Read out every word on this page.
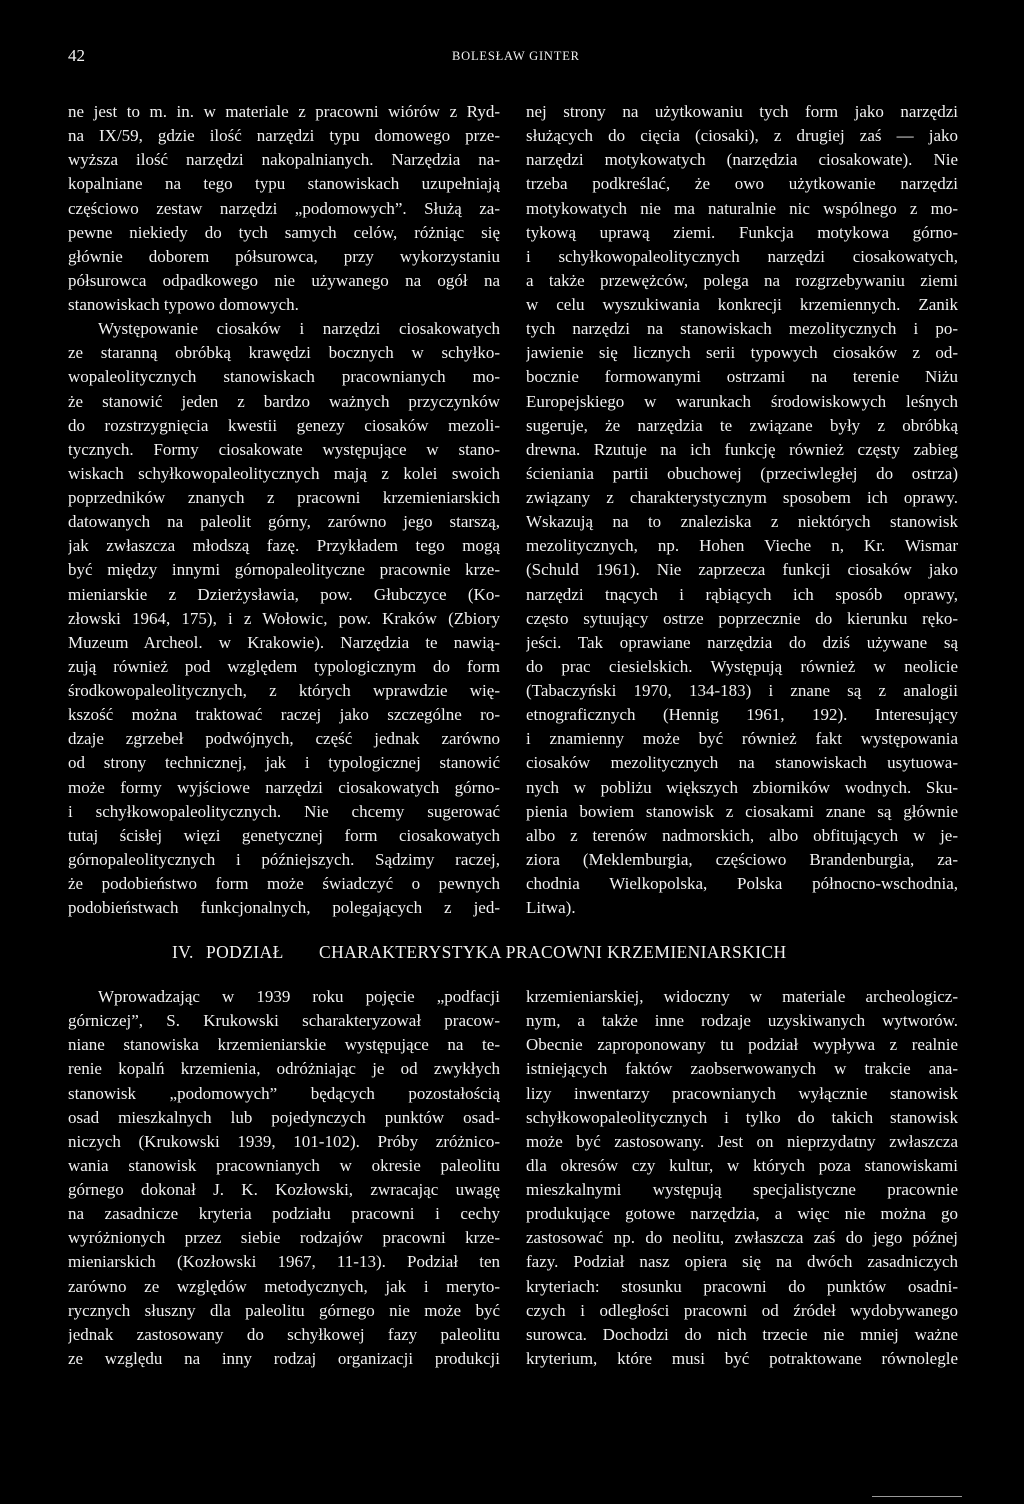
42	BOLESŁAW GINTER
ne jest to m. in. w materiale z pracowni wiórów z Ryd-
na IX/59, gdzie ilość narzędzi typu domowego prze-
wyższa ilość narzędzi nakopalnianych. Narzędzia na-
kopalniane na tego typu stanowiskach uzupełniają
częściowo zestaw narzędzi „podomowych”. Służą za-
pewne niekiedy do tych samych celów, różniąc się
głównie doborem półsurowca, przy wykorzystaniu
półsurowca odpadkowego nie używanego na ogół na
stanowiskach typowo domowych.
Występowanie ciosaków i narzędzi ciosakowatych
ze staranną obróbką krawędzi bocznych w schyłko-
wopaleolitycznych stanowiskach pracownianych mo-
że stanowić jeden z bardzo ważnych przyczynków
do rozstrzygnięcia kwestii genezy ciosaków mezoli-
tycznych. Formy ciosakowate występujące w stano-
wiskach schyłkowopaleolitycznych mają z kolei swoich
poprzedników znanych z pracowni krzemieniarskich
datowanych na paleolit górny, zarówno jego starszą,
jak zwłaszcza młodszą fazę. Przykładem tego mogą
być między innymi górnopaleolityczne pracownie krze-
mieniarskie z Dzierżysławia, pow. Głubczyce (Ko-
złowski 1964, 175), i z Wołowic, pow. Kraków (Zbiory
Muzeum Archeol. w Krakowie). Narzędzia te nawią-
zują również pod względem typologicznym do form
środkowopaleolitycznych, z których wprawdzie wię-
kszość można traktować raczej jako szczególne ro-
dzaje zgrzebeł podwójnych, część jednak zarówno
od strony technicznej, jak i typologicznej stanowić
może formy wyjściowe narzędzi ciosakowatych górno-
i schyłkowopaleolitycznych. Nie chcemy sugerować
tutaj ścisłej więzi genetycznej form ciosakowatych
górnopaleolitycznych i późniejszych. Sądzimy raczej,
że podobieństwo form może świadczyć o pewnych
podobieństwach funkcjonalnych, polegających z jed-
nej strony na użytkowaniu tych form jako narzędzi
służących do cięcia (ciosaki), z drugiej zaś — jako
narzędzi motykowatych (narzędzia ciosakowate). Nie
trzeba podkreślać, że owo użytkowanie narzędzi
motykowatych nie ma naturalnie nic wspólnego z mo-
tykową uprawą ziemi. Funkcja motykowa górno-
i schyłkowopaleolitycznych narzędzi ciosakowatych,
a także przewężców, polega na rozgrzebywaniu ziemi
w celu wyszukiwania konkrecji krzemiennych. Zanik
tych narzędzi na stanowiskach mezolitycznych i po-
jawienie się licznych serii typowych ciosaków z od-
bocznie formowanymi ostrzami na terenie Niżu
Europejskiego w warunkach środowiskowych leśnych
sugeruje, że narzędzia te związane były z obróbką
drewna. Rzutuje na ich funkcję również częsty zabieg
ścieniania partii obuchowej (przeciwległej do ostrza)
związany z charakterystycznym sposobem ich oprawy.
Wskazują na to znaleziska z niektórych stanowisk
mezolitycznych, np. Hohen Vieche n, Kr. Wismar
(Schuld 1961). Nie zaprzecza funkcji ciosaków jako
narzędzi tnących i rąbiących ich sposób oprawy,
często sytuujący ostrze poprzecznie do kierunku ręko-
jeści. Tak oprawiane narzędzia do dziś używane są
do prac ciesielskich. Występują również w neolicie
(Tabaczyński 1970, 134-183) i znane są z analogii
etnograficznych (Hennig 1961, 192). Interesujący
i znamienny może być również fakt występowania
ciosaków mezolitycznych na stanowiskach usytuowa-
nych w pobliżu większych zbiorników wodnych. Sku-
pienia bowiem stanowisk z ciosakami znane są głównie
albo z terenów nadmorskich, albo obfitujących w je-
ziora (Meklemburgia, częściowo Brandenburgia, za-
chodnia Wielkopolska, Polska północno-wschodnia,
Litwa).
IV. PODZIAŁ CHARAKTERYSTYKA PRACOWNI KRZEMIENIARSKICH
Wprowadzając w 1939 roku pojęcie „podfacji
górniczej”, S. Krukowski scharakteryzował pracow-
niane stanowiska krzemieniarskie występujące na te-
renie kopalń krzemienia, odróżniając je od zwykłych
stanowisk „podomowych” będących pozostałością
osad mieszkalnych lub pojedynczych punktów osad-
niczych (Krukowski 1939, 101-102). Próby zróżnico-
wania stanowisk pracownianych w okresie paleolitu
górnego dokonał J. K. Kozłowski, zwracając uwagę
na zasadnicze kryteria podziału pracowni i cechy
wyróżnionych przez siebie rodzajów pracowni krze-
mieniarskich (Kozłowski 1967, 11-13). Podział ten
zarówno ze względów metodycznych, jak i meryto-
rycznych słuszny dla paleolitu górnego nie może być
jednak zastosowany do schyłkowej fazy paleolitu
ze względu na inny rodzaj organizacji produkcji
krzemieniarskiej, widoczny w materiale archeologicz-
nym, a także inne rodzaje uzyskiwanych wytworów.
Obecnie zaproponowany tu podział wypływa z realnie
istniejących faktów zaobserwowanych w trakcie ana-
lizy inwentarzy pracownianych wyłącznie stanowisk
schyłkowopaleolitycznych i tylko do takich stanowisk
może być zastosowany. Jest on nieprzydatny zwłaszcza
dla okresów czy kultur, w których poza stanowiskami
mieszkalnymi występują specjalistyczne pracownie
produkujące gotowe narzędzia, a więc nie można go
zastosować np. do neolitu, zwłaszcza zaś do jego późnej
fazy. Podział nasz opiera się na dwóch zasadniczych
kryteriach: stosunku pracowni do punktów osadni-
czych i odległości pracowni od źródeł wydobywanego
surowca. Dochodzi do nich trzecie nie mniej ważne
kryterium, które musi być potraktowane równolegle
